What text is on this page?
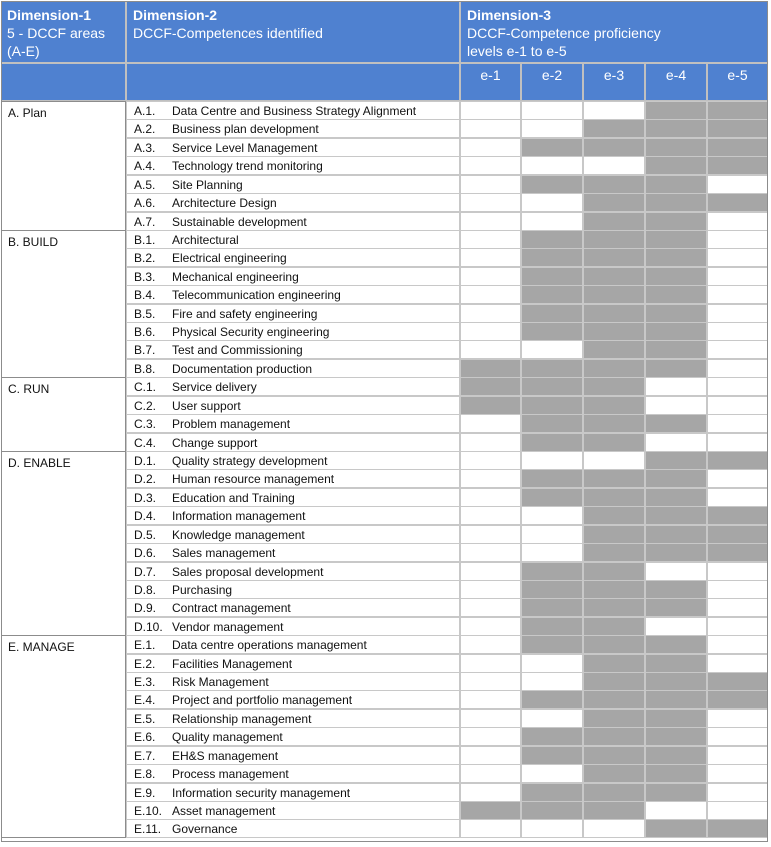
Dimension-1
5 - DCCF areas
(A-E)
Dimension-2
DCCF-Competences identified
Dimension-3
DCCF-Competence proficiency
levels e-1 to e-5
e-1	e-2	e-3	e-4	e-5
A.1. Data Centre and Business Strategy Alignment
A.2. Business plan development
A.3. Service Level Management
A.4. Technology trend monitoring
A.5. Site Planning
A.6. Architecture Design
A.7. Sustainable development
A. Plan
B.1. Architectural
B.2. Electrical engineering
B.3. Mechanical engineering
B.4. Telecommunication engineering
B.5. Fire and safety engineering
B.6. Physical Security engineering
B.7. Test and Commissioning
B.8. Documentation production
B. BUILD
C.1. Service delivery
C.2. User support
C.3. Problem management
C.4. Change support
C. RUN
D.1. Quality strategy development
D.2. Human resource management
D.3. Education and Training
D.4. Information management
D.5. Knowledge management
D.6. Sales management
D.7. Sales proposal development
D.8. Purchasing
D.9. Contract management
D.10. Vendor management
D. ENABLE
E.1. Data centre operations management
E.2. Facilities Management
E.3. Risk Management
E.4. Project and portfolio management
E.5. Relationship management
E.6. Quality management
E.7. EH&S management
E.8. Process management
E.9. Information security management
E.10. Asset management
E.11. Governance
E. MANAGE
